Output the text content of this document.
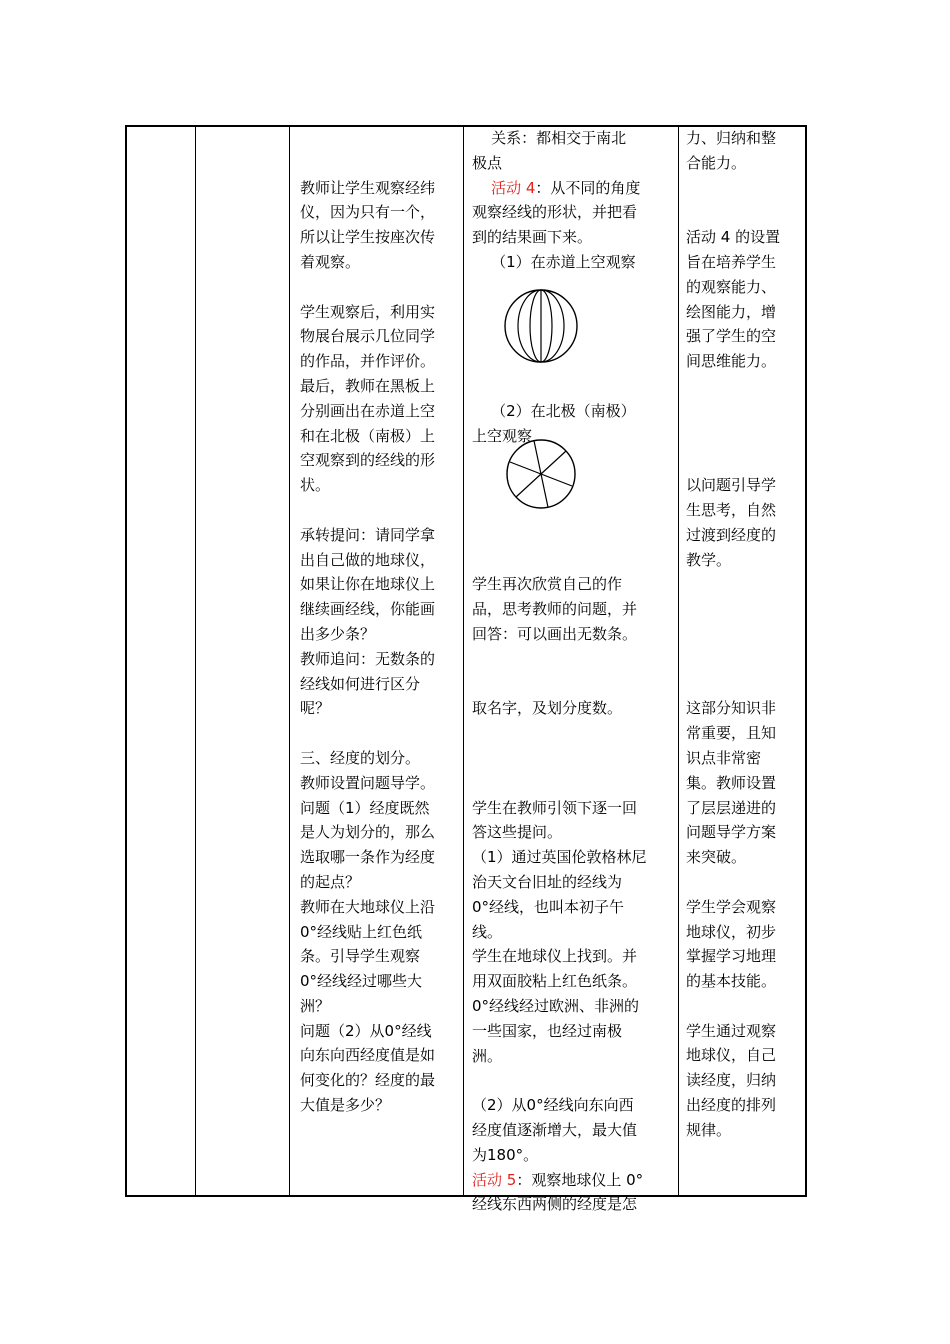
教师让学生观察经纬

仪，因为只有一个，

所以让学生按座次传

着观察。

学生观察后，利用实

物展台展示几位同学

的作品，并作评价。

最后，教师在黑板上

分别画出在赤道上空

和在北极（南极）上

空观察到的经线的形

状。

承转提问：请同学拿

出自己做的地球仪，

如果让你在地球仪上

继续画经线，你能画

出多少条？

教师追问：无数条的

经线如何进行区分

呢？

三、经度的划分。

教师设置问题导学。

问题（1）经度既然

是人为划分的，那么

选取哪一条作为经度

的起点？

教师在大地球仪上沿

0°经线贴上红色纸

条。引导学生观察

0°经线经过哪些大

洲？

问题（2）从0°经线

向东向西经度值是如

何变化的？经度的最

大值是多少？

关系：都相交于南北

极点

活动 4：从不同的角度

观察经线的形状，并把看

到的结果画下来。

（1）在赤道上空观察

（2）在北极（南极）

上空观察

学生再次欣赏自己的作

品，思考教师的问题，并

回答：可以画出无数条。

取名字，及划分度数。

学生在教师引领下逐一回

答这些提问。

（1）通过英国伦敦格林尼

治天文台旧址的经线为

0°经线，也叫本初子午

线。

学生在地球仪上找到。并

用双面胶粘上红色纸条。

0°经线经过欧洲、非洲的

一些国家，也经过南极

洲。

（2）从0°经线向东向西

经度值逐渐增大，最大值

为180°。

活动 5：观察地球仪上 0°

经线东西两侧的经度是怎

力、归纳和整

合能力。

活动 4 的设置

旨在培养学生

的观察能力、

绘图能力，增

强了学生的空

间思维能力。

以问题引导学

生思考，自然

过渡到经度的

教学。

这部分知识非

常重要，且知

识点非常密

集。教师设置

了层层递进的

问题导学方案

来突破。

学生学会观察

地球仪，初步

掌握学习地理

的基本技能。

学生通过观察

地球仪，自己

读经度，归纳

出经度的排列

规律。
